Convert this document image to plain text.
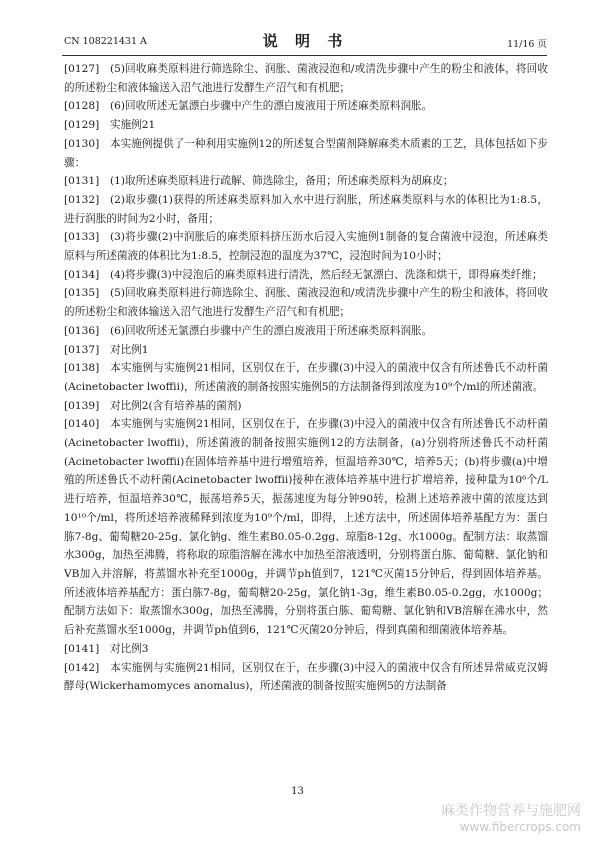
CN 108221431 A	说 明 书	11/16 页
[0127] (5)回收麻类原料进行筛选除尘、润胀、菌液浸泡和/或清洗步骤中产生的粉尘和液体，将回收的所述粉尘和液体输送入沼气池进行发酵生产沼气和有机肥；
[0128] (6)回收所述无氯漂白步骤中产生的漂白废液用于所述麻类原料润胀。
[0129] 实施例21
[0130] 本实施例提供了一种利用实施例12的所述复合型菌剂降解麻类木质素的工艺，具体包括如下步骤：
[0131] (1)取所述麻类原料进行疏解、筛选除尘，备用；所述麻类原料为胡麻皮；
[0132] (2)取步骤(1)获得的所述麻类原料加入水中进行润胀，所述麻类原料与水的体积比为1:8.5，进行润胀的时间为2小时，备用；
[0133] (3)将步骤(2)中润胀后的麻类原料挤压沥水后浸入实施例1制备的复合菌液中浸泡，所述麻类原料与所述菌液的体积比为1:8.5，控制浸泡的温度为37℃，浸泡时间为10小时；
[0134] (4)将步骤(3)中浸泡后的麻类原料进行清洗，然后经无氯漂白、洗涤和烘干，即得麻类纤维；
[0135] (5)回收麻类原料进行筛选除尘、润胀、菌液浸泡和/或清洗步骤中产生的粉尘和液体，将回收的所述粉尘和液体输送入沼气池进行发酵生产沼气和有机肥；
[0136] (6)回收所述无氯漂白步骤中产生的漂白废液用于所述麻类原料润胀。
[0137] 对比例1
[0138] 本实施例与实施例21相同，区别仅在于，在步骤(3)中浸入的菌液中仅含有所述鲁氏不动杆菌(Acinetobacter lwoffii)，所述菌液的制备按照实施例5的方法制备得到浓度为10⁹个/ml的所述菌液。
[0139] 对比例2(含有培养基的菌剂)
[0140] 本实施例与实施例21相同，区别仅在于，在步骤(3)中浸入的菌液中仅含有所述鲁氏不动杆菌(Acinetobacter lwoffii)，所述菌液的制备按照实施例12的方法制备，(a)分别将所述鲁氏不动杆菌(Acinetobacter lwoffii)在固体培养基中进行增殖培养，恒温培养30℃，培养5天；(b)将步骤(a)中增殖的所述鲁氏不动杆菌(Acinetobacter lwoffii)接种在液体培养基中进行扩增培养，接种量为10⁶个/L进行培养，恒温培养30℃，振荡培养5天，振荡速度为每分钟90转，检测上述培养液中菌的浓度达到10¹⁰个/ml，将所述培养液稀释到浓度为10⁹个/ml，即得，上述方法中，所述固体培养基配方为：蛋白胨7-8g、葡萄糖20-25g、氯化钠g、维生素B0.05-0.2gg、琼脂8-12g、水1000g。配制方法：取蒸馏水300g，加热至沸腾，将称取的琼脂溶解在沸水中加热至溶液透明，分别将蛋白胨、葡萄糖、氯化钠和VB加入并溶解，将蒸馏水补充至1000g，并调节ph值到7，121℃灭菌15分钟后，得到固体培养基。所述液体培养基配方：蛋白胨7-8g，葡萄糖20-25g，氯化钠1-3g，维生素B0.05-0.2gg，水1000g；配制方法如下：取蒸馏水300g，加热至沸腾，分别将蛋白胨、葡萄糖、氯化钠和VB溶解在沸水中，然后补充蒸馏水至1000g，并调节ph值到6，121℃灭菌20分钟后，得到真菌和细菌液体培养基。
[0141] 对比例3
[0142] 本实施例与实施例21相同，区别仅在于，在步骤(3)中浸入的菌液中仅含有所述异常威克汉姆酵母(Wickerhamomyces anomalus)，所述菌液的制备按照实施例5的方法制备
13
麻类作物营养与施肥网
www.fibercrops.com
